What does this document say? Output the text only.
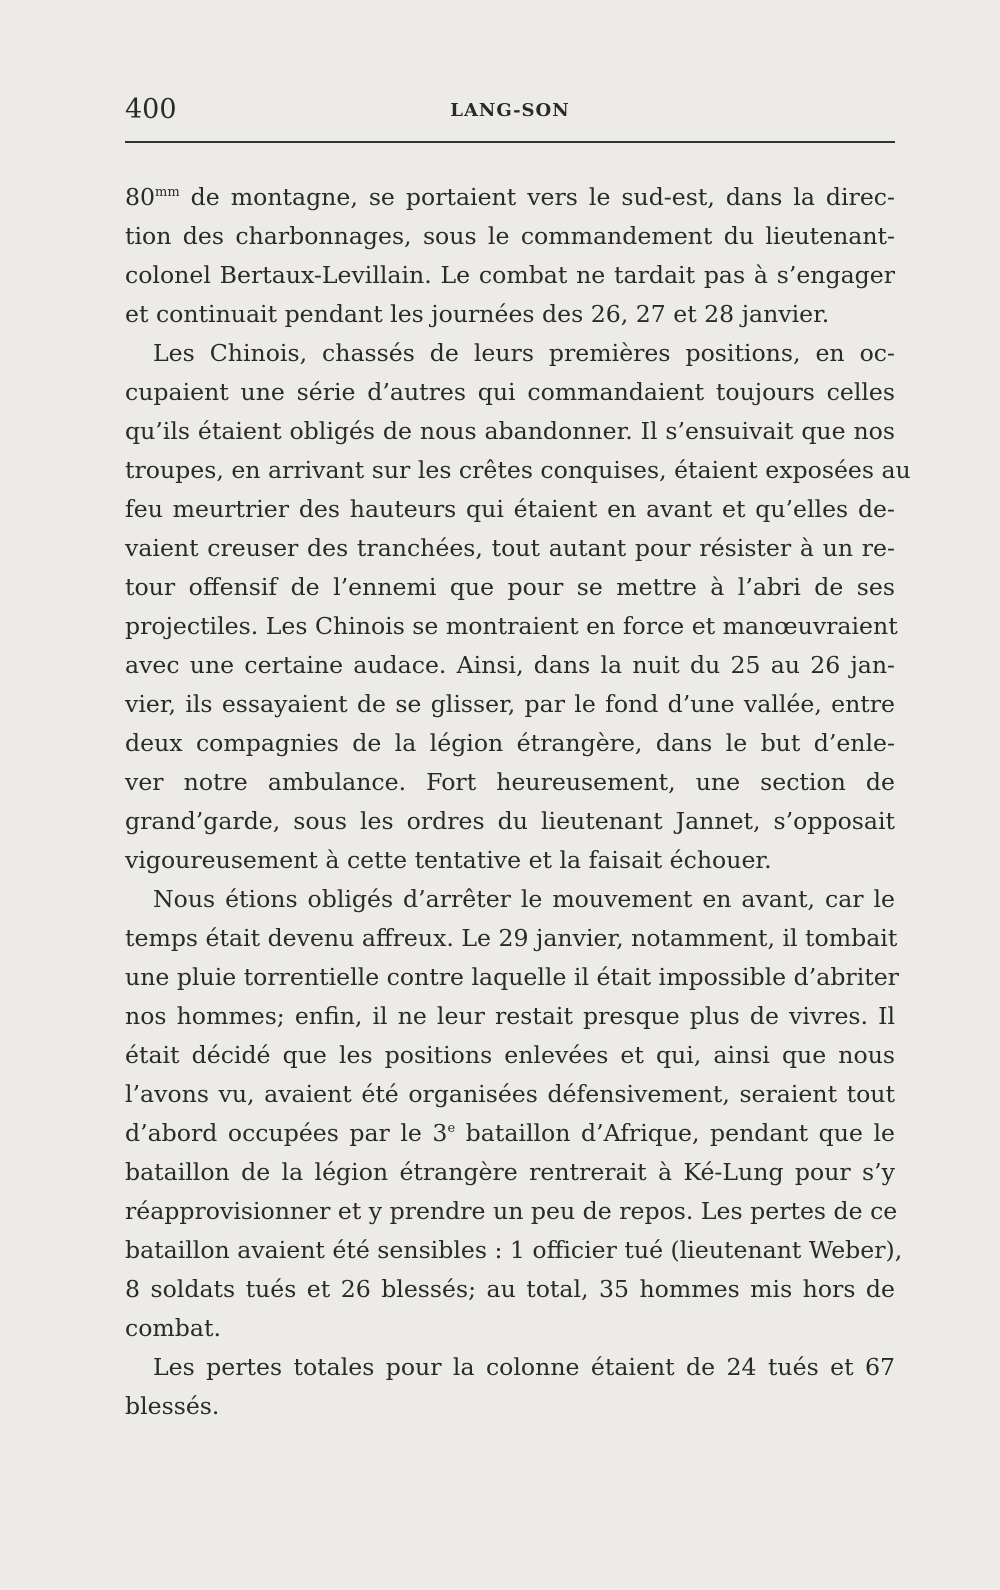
400	LANG-SON
$80^{mm}$ de montagne, se portaient vers le sud-est, dans la direc-
tion des charbonnages, sous le commandement du lieutenant-
colonel Bertaux-Levillain. Le combat ne tardait pas à s’engager
et continuait pendant les journées des 26, 27 et 28 janvier.
Les Chinois, chassés de leurs premières positions, en oc-
cupaient une série d’autres qui commandaient toujours celles
qu’ils étaient obligés de nous abandonner. Il s’ensuivait que nos
troupes, en arrivant sur les crêtes conquises, étaient exposées au
feu meurtrier des hauteurs qui étaient en avant et qu’elles de-
vaient creuser des tranchées, tout autant pour résister à un re-
tour offensif de l’ennemi que pour se mettre à l’abri de ses
projectiles. Les Chinois se montraient en force et manœuvraient
avec une certaine audace. Ainsi, dans la nuit du 25 au 26 jan-
vier, ils essayaient de se glisser, par le fond d’une vallée, entre
deux compagnies de la légion étrangère, dans le but d’enle-
ver notre ambulance. Fort heureusement, une section de
grand’garde, sous les ordres du lieutenant Jannet, s’opposait
vigoureusement à cette tentative et la faisait échouer.
Nous étions obligés d’arrêter le mouvement en avant, car le
temps était devenu affreux. Le 29 janvier, notamment, il tombait
une pluie torrentielle contre laquelle il était impossible d’abriter
nos hommes; enfin, il ne leur restait presque plus de vivres. Il
était décidé que les positions enlevées et qui, ainsi que nous
l’avons vu, avaient été organisées défensivement, seraient tout
d’abord occupées par le 3e bataillon d’Afrique, pendant que le
bataillon de la légion étrangère rentrerait à Ké-Lung pour s’y
réapprovisionner et y prendre un peu de repos. Les pertes de ce
bataillon avaient été sensibles : 1 officier tué (lieutenant Weber),
8 soldats tués et 26 blessés; au total, 35 hommes mis hors de
combat.
Les pertes totales pour la colonne étaient de 24 tués et 67
blessés.
